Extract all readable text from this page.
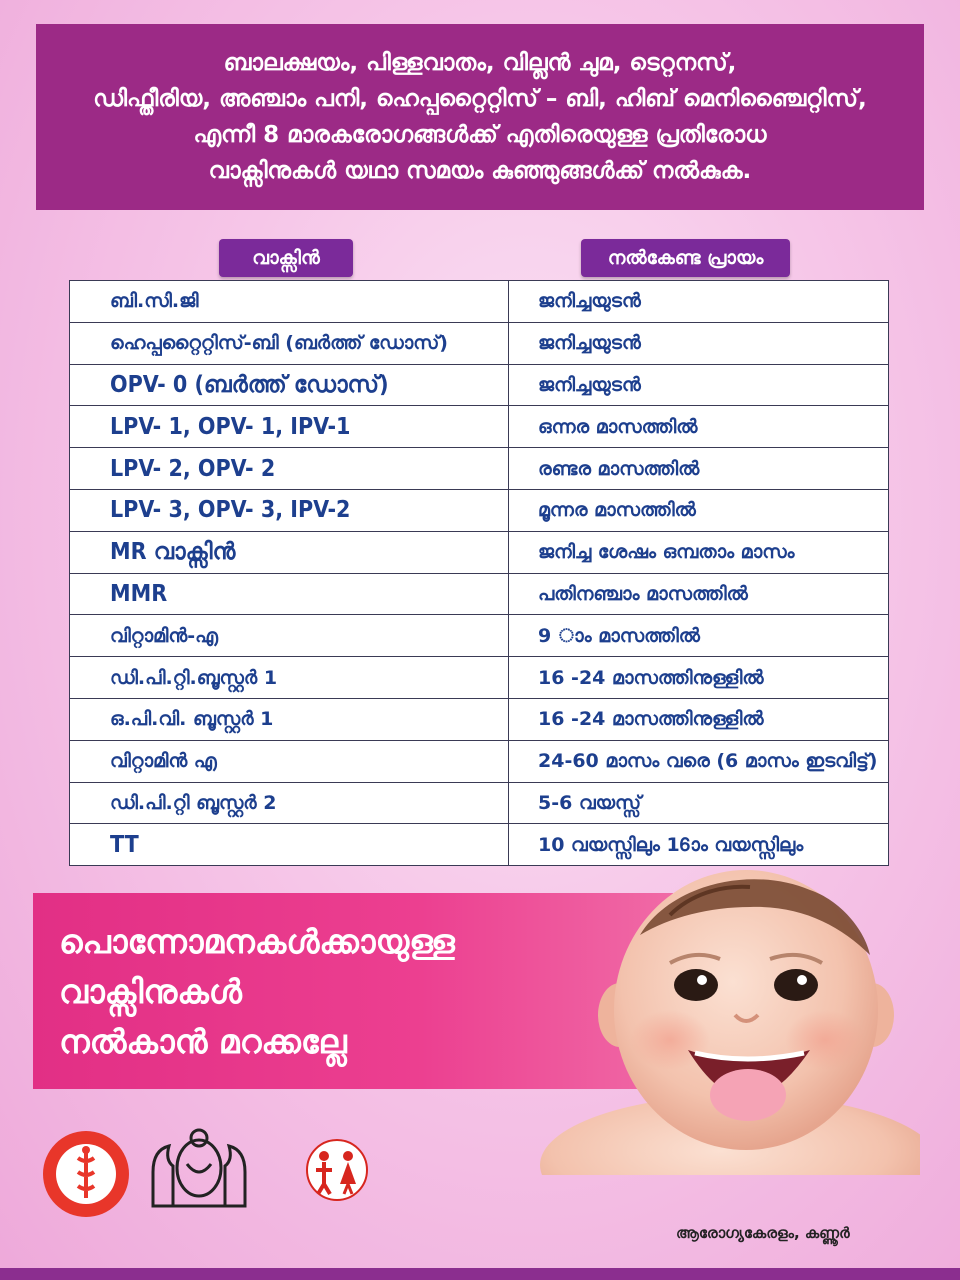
ബാലക്ഷയം, പിള്ളവാതം, വില്ലൻ ചുമ, ടെറ്റനസ്,
ഡിഫ്തീരിയ, അഞ്ചാം പനി, ഹെപ്പറ്റൈറ്റിസ് – ബി, ഹിബ് മെനിഞ്ചൈറ്റിസ്,
എന്നീ 8 മാരകരോഗങ്ങൾക്ക് എതിരെയുള്ള പ്രതിരോധ
വാക്സിനുകൾ യഥാ സമയം കുഞ്ഞുങ്ങൾക്ക് നൽകുക.
വാക്സിൻ	നൽകേണ്ട പ്രായം
ബി.സി.ജി	ജനിച്ചയുടൻ
ഹെപ്പറ്റൈറ്റിസ്-ബി (ബർത്ത് ഡോസ്)	ജനിച്ചയുടൻ
OPV- 0 (ബർത്ത് ഡോസ്)	ജനിച്ചയുടൻ
LPV- 1, OPV- 1, IPV-1	ഒന്നര മാസത്തിൽ
LPV- 2, OPV- 2	രണ്ടര മാസത്തിൽ
LPV- 3, OPV- 3, IPV-2	മൂന്നര മാസത്തിൽ
MR വാക്സിൻ	ജനിച്ച ശേഷം ഒമ്പതാം മാസം
MMR	പതിനഞ്ചാം മാസത്തിൽ
വിറ്റാമിൻ-എ	9 ാം മാസത്തിൽ
ഡി.പി.റ്റി.ബൂസ്റ്റർ 1	16 -24 മാസത്തിനുള്ളിൽ
ഒ.പി.വി. ബൂസ്റ്റർ 1	16 -24 മാസത്തിനുള്ളിൽ
വിറ്റാമിൻ എ	24-60 മാസം വരെ (6 മാസം ഇടവിട്ട്)
ഡി.പി.റ്റി ബൂസ്റ്റർ 2	5-6 വയസ്സ്
TT	10 വയസ്സിലും 16ാം വയസ്സിലും
പൊന്നോമനകൾക്കായുള്ള
വാക്സിനുകൾ
നൽകാൻ മറക്കല്ലേ
ആരോഗ്യകേരളം, കണ്ണൂർ
